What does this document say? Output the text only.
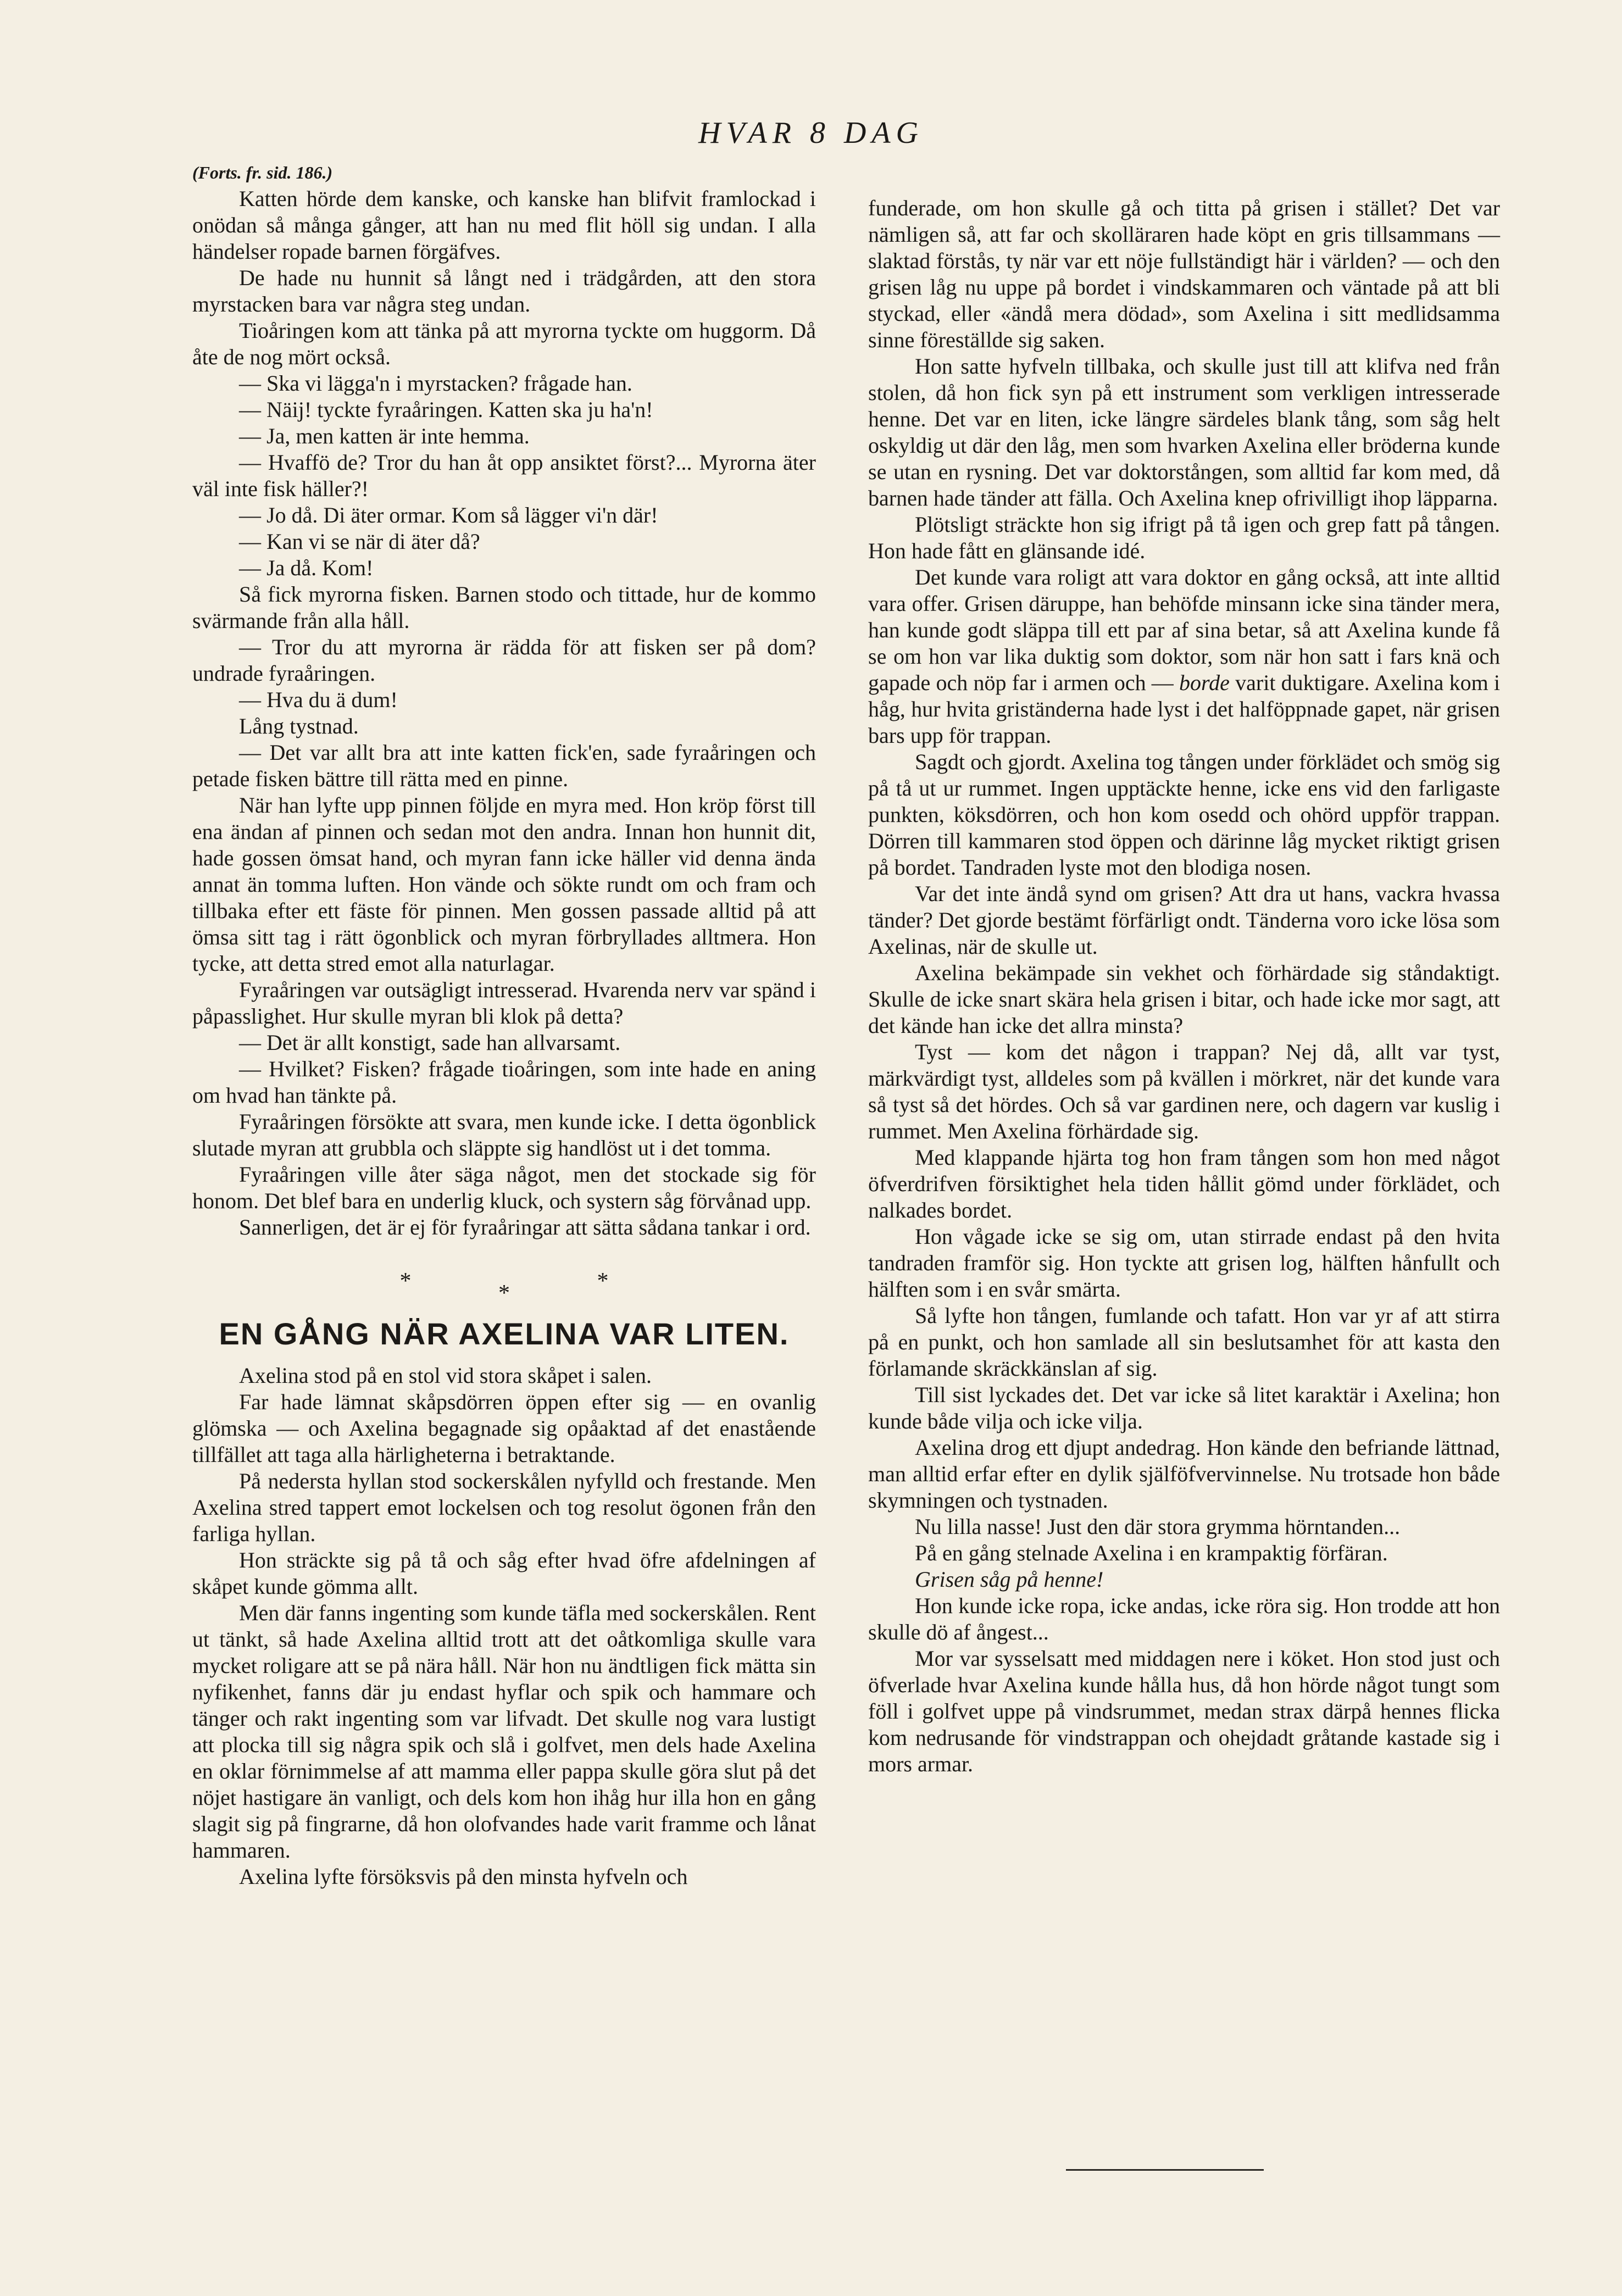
HVAR 8 DAG

(Forts. fr. sid. 186.)

Katten hörde dem kanske, och kanske han blifvit framlockad i onödan så många gånger, att han nu med flit höll sig undan. I alla händelser ropade barnen förgäfves.

De hade nu hunnit så långt ned i trädgården, att den stora myrstacken bara var några steg undan.

Tioåringen kom att tänka på att myrorna tyckte om huggorm. Då åte de nog mört också.

— Ska vi lägga'n i myrstacken? frågade han.

— Näij! tyckte fyraåringen. Katten ska ju ha'n!

— Ja, men katten är inte hemma.

— Hvaffö de? Tror du han åt opp ansiktet först?... Myrorna äter väl inte fisk häller?!

— Jo då. Di äter ormar. Kom så lägger vi'n där!

— Kan vi se när di äter då?

— Ja då. Kom!

Så fick myrorna fisken. Barnen stodo och tittade, hur de kommo svärmande från alla håll.

— Tror du att myrorna är rädda för att fisken ser på dom? undrade fyraåringen.

— Hva du ä dum!

Lång tystnad.

— Det var allt bra att inte katten fick'en, sade fyraåringen och petade fisken bättre till rätta med en pinne.

När han lyfte upp pinnen följde en myra med. Hon kröp först till ena ändan af pinnen och sedan mot den andra. Innan hon hunnit dit, hade gossen ömsat hand, och myran fann icke häller vid denna ända annat än tomma luften. Hon vände och sökte rundt om och fram och tillbaka efter ett fäste för pinnen. Men gossen passade alltid på att ömsa sitt tag i rätt ögonblick och myran förbryllades alltmera. Hon tycke, att detta stred emot alla naturlagar.

Fyraåringen var outsägligt intresserad. Hvarenda nerv var spänd i påpasslighet. Hur skulle myran bli klok på detta?

— Det är allt konstigt, sade han allvarsamt.

— Hvilket? Fisken? frågade tioåringen, som inte hade en aning om hvad han tänkte på.

Fyraåringen försökte att svara, men kunde icke. I detta ögonblick slutade myran att grubbla och släppte sig handlöst ut i det tomma.

Fyraåringen ville åter säga något, men det stockade sig för honom. Det blef bara en underlig kluck, och systern såg förvånad upp.

Sannerligen, det är ej för fyraåringar att sätta sådana tankar i ord.

*	*	*
EN GÅNG NÄR AXELINA VAR LITEN.

Axelina stod på en stol vid stora skåpet i salen.

Far hade lämnat skåpsdörren öppen efter sig — en ovanlig glömska — och Axelina begagnade sig opåaktad af det enastående tillfället att taga alla härligheterna i betraktande.

På nedersta hyllan stod sockerskålen nyfylld och frestande. Men Axelina stred tappert emot lockelsen och tog resolut ögonen från den farliga hyllan.

Hon sträckte sig på tå och såg efter hvad öfre afdelningen af skåpet kunde gömma allt.

Men där fanns ingenting som kunde täfla med sockerskålen. Rent ut tänkt, så hade Axelina alltid trott att det oåtkomliga skulle vara mycket roligare att se på nära håll. När hon nu ändtligen fick mätta sin nyfikenhet, fanns där ju endast hyflar och spik och hammare och tänger och rakt ingenting som var lifvadt. Det skulle nog vara lustigt att plocka till sig några spik och slå i golfvet, men dels hade Axelina en oklar förnimmelse af att mamma eller pappa skulle göra slut på det nöjet hastigare än vanligt, och dels kom hon ihåg hur illa hon en gång slagit sig på fingrarne, då hon olofvandes hade varit framme och lånat hammaren.

Axelina lyfte försöksvis på den minsta hyfveln och

funderade, om hon skulle gå och titta på grisen i stället? Det var nämligen så, att far och skolläraren hade köpt en gris tillsammans — slaktad förstås, ty när var ett nöje fullständigt här i världen? — och den grisen låg nu uppe på bordet i vindskammaren och väntade på att bli styckad, eller «ändå mera dödad», som Axelina i sitt medlidsamma sinne föreställde sig saken.

Hon satte hyfveln tillbaka, och skulle just till att klifva ned från stolen, då hon fick syn på ett instrument som verkligen intresserade henne. Det var en liten, icke längre särdeles blank tång, som såg helt oskyldig ut där den låg, men som hvarken Axelina eller bröderna kunde se utan en rysning. Det var doktorstången, som alltid far kom med, då barnen hade tänder att fälla. Och Axelina knep ofrivilligt ihop läpparna.

Plötsligt sträckte hon sig ifrigt på tå igen och grep fatt på tången. Hon hade fått en glänsande idé.

Det kunde vara roligt att vara doktor en gång också, att inte alltid vara offer. Grisen däruppe, han behöfde minsann icke sina tänder mera, han kunde godt släppa till ett par af sina betar, så att Axelina kunde få se om hon var lika duktig som doktor, som när hon satt i fars knä och gapade och nöp far i armen och — borde varit duktigare. Axelina kom i håg, hur hvita griständerna hade lyst i det halföppnade gapet, när grisen bars upp för trappan.

Sagdt och gjordt. Axelina tog tången under förklädet och smög sig på tå ut ur rummet. Ingen upptäckte henne, icke ens vid den farligaste punkten, köksdörren, och hon kom osedd och ohörd uppför trappan. Dörren till kammaren stod öppen och därinne låg mycket riktigt grisen på bordet. Tandraden lyste mot den blodiga nosen.

Var det inte ändå synd om grisen? Att dra ut hans, vackra hvassa tänder? Det gjorde bestämt förfärligt ondt. Tänderna voro icke lösa som Axelinas, när de skulle ut.

Axelina bekämpade sin vekhet och förhärdade sig ståndaktigt. Skulle de icke snart skära hela grisen i bitar, och hade icke mor sagt, att det kände han icke det allra minsta?

Tyst — kom det någon i trappan? Nej då, allt var tyst, märkvärdigt tyst, alldeles som på kvällen i mörkret, när det kunde vara så tyst så det hördes. Och så var gardinen nere, och dagern var kuslig i rummet. Men Axelina förhärdade sig.

Med klappande hjärta tog hon fram tången som hon med något öfverdrifven försiktighet hela tiden hållit gömd under förklädet, och nalkades bordet.

Hon vågade icke se sig om, utan stirrade endast på den hvita tandraden framför sig. Hon tyckte att grisen log, hälften hånfullt och hälften som i en svår smärta.

Så lyfte hon tången, fumlande och tafatt. Hon var yr af att stirra på en punkt, och hon samlade all sin beslutsamhet för att kasta den förlamande skräckkänslan af sig.

Till sist lyckades det. Det var icke så litet karaktär i Axelina; hon kunde både vilja och icke vilja.

Axelina drog ett djupt andedrag. Hon kände den befriande lättnad, man alltid erfar efter en dylik själföfvervinnelse. Nu trotsade hon både skymningen och tystnaden.

Nu lilla nasse! Just den där stora grymma hörntanden...

På en gång stelnade Axelina i en krampaktig förfäran.

Grisen såg på henne!

Hon kunde icke ropa, icke andas, icke röra sig. Hon trodde att hon skulle dö af ångest...

Mor var sysselsatt med middagen nere i köket. Hon stod just och öfverlade hvar Axelina kunde hålla hus, då hon hörde något tungt som föll i golfvet uppe på vindsrummet, medan strax därpå hennes flicka kom nedrusande för vindstrappan och ohejdadt gråtande kastade sig i mors armar.
